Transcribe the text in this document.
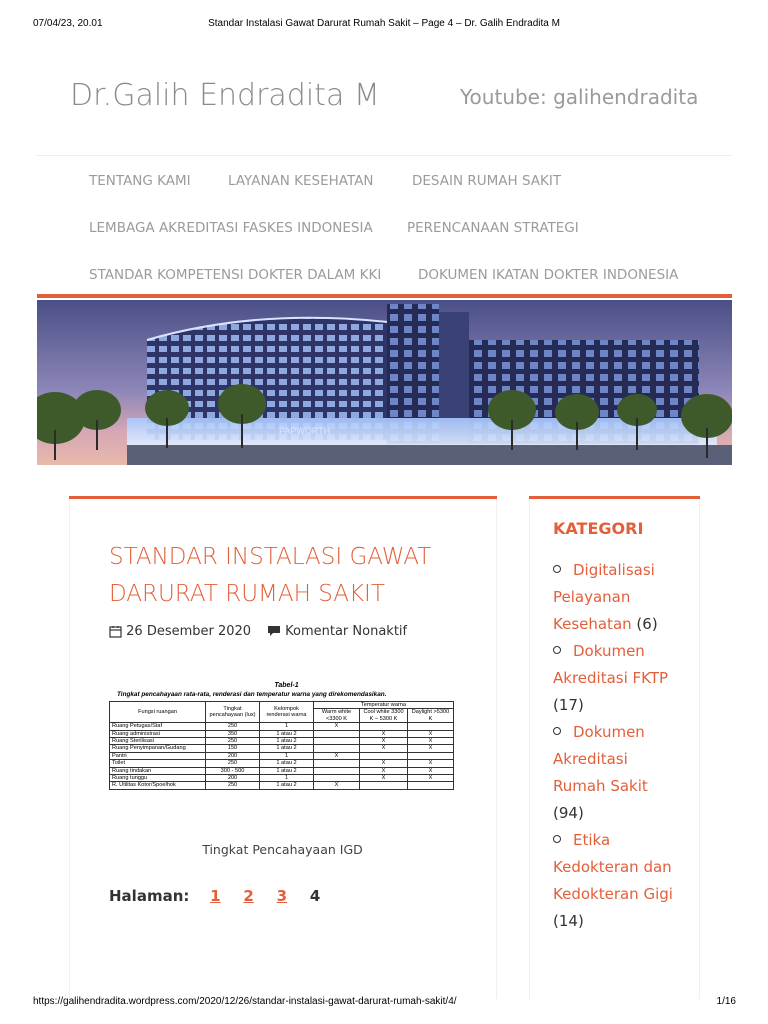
07/04/23, 20.01	Standar Instalasi Gawat Darurat Rumah Sakit – Page 4 – Dr. Galih Endradita M
Dr.Galih Endradita M	Youtube: galihendradita
TENTANG KAMI	LAYANAN KESEHATAN	DESAIN RUMAH SAKIT
LEMBAGA AKREDITASI FASKES INDONESIA	PERENCANAAN STRATEGI
STANDAR KOMPETENSI DOKTER DALAM KKI	DOKUMEN IKATAN DOKTER INDONESIA
PAPWORTH
STANDAR INSTALASI GAWAT DARURAT RUMAH SAKIT
26 Desember 2020	Komentar Nonaktif
Tabel-1
Tingkat pencahayaan rata-rata, renderasi dan temperatur warna yang direkomendasikan.
Fungsi ruangan	Tingkat pencahayaan (lux)	Kelompok renderasi warna	Temperatur warna		
			Warm white <3300 K	Cool white 3300 K – 5300 K	Daylight >5300 K
Ruang Petugas/Staf	250	1	X		
Ruang administrasi	350	1 atau 2		X	X
Ruang Sterilisasi	250	1 atau 2		X	X
Ruang Penyimpanan/Gudang	150	1 atau 2		X	X
Pantri	200	1	X		
Toilet	250	1 atau 2		X	X
Ruang tindakan	300 - 500	1 atau 2		X	X
Ruang tunggu	200	1		X	X
R. Utilitas Kotor/Spoelhok	250	1 atau 2	X		
Tingkat Pencahayaan IGD
Halaman: 1 2 3 4
KATEGORI
Digitalisasi Pelayanan Kesehatan (6)
Dokumen Akreditasi FKTP (17)
Dokumen Akreditasi Rumah Sakit (94)
Etika Kedokteran dan Kedokteran Gigi (14)
https://galihendradita.wordpress.com/2020/12/26/standar-instalasi-gawat-darurat-rumah-sakit/4/	1/16
